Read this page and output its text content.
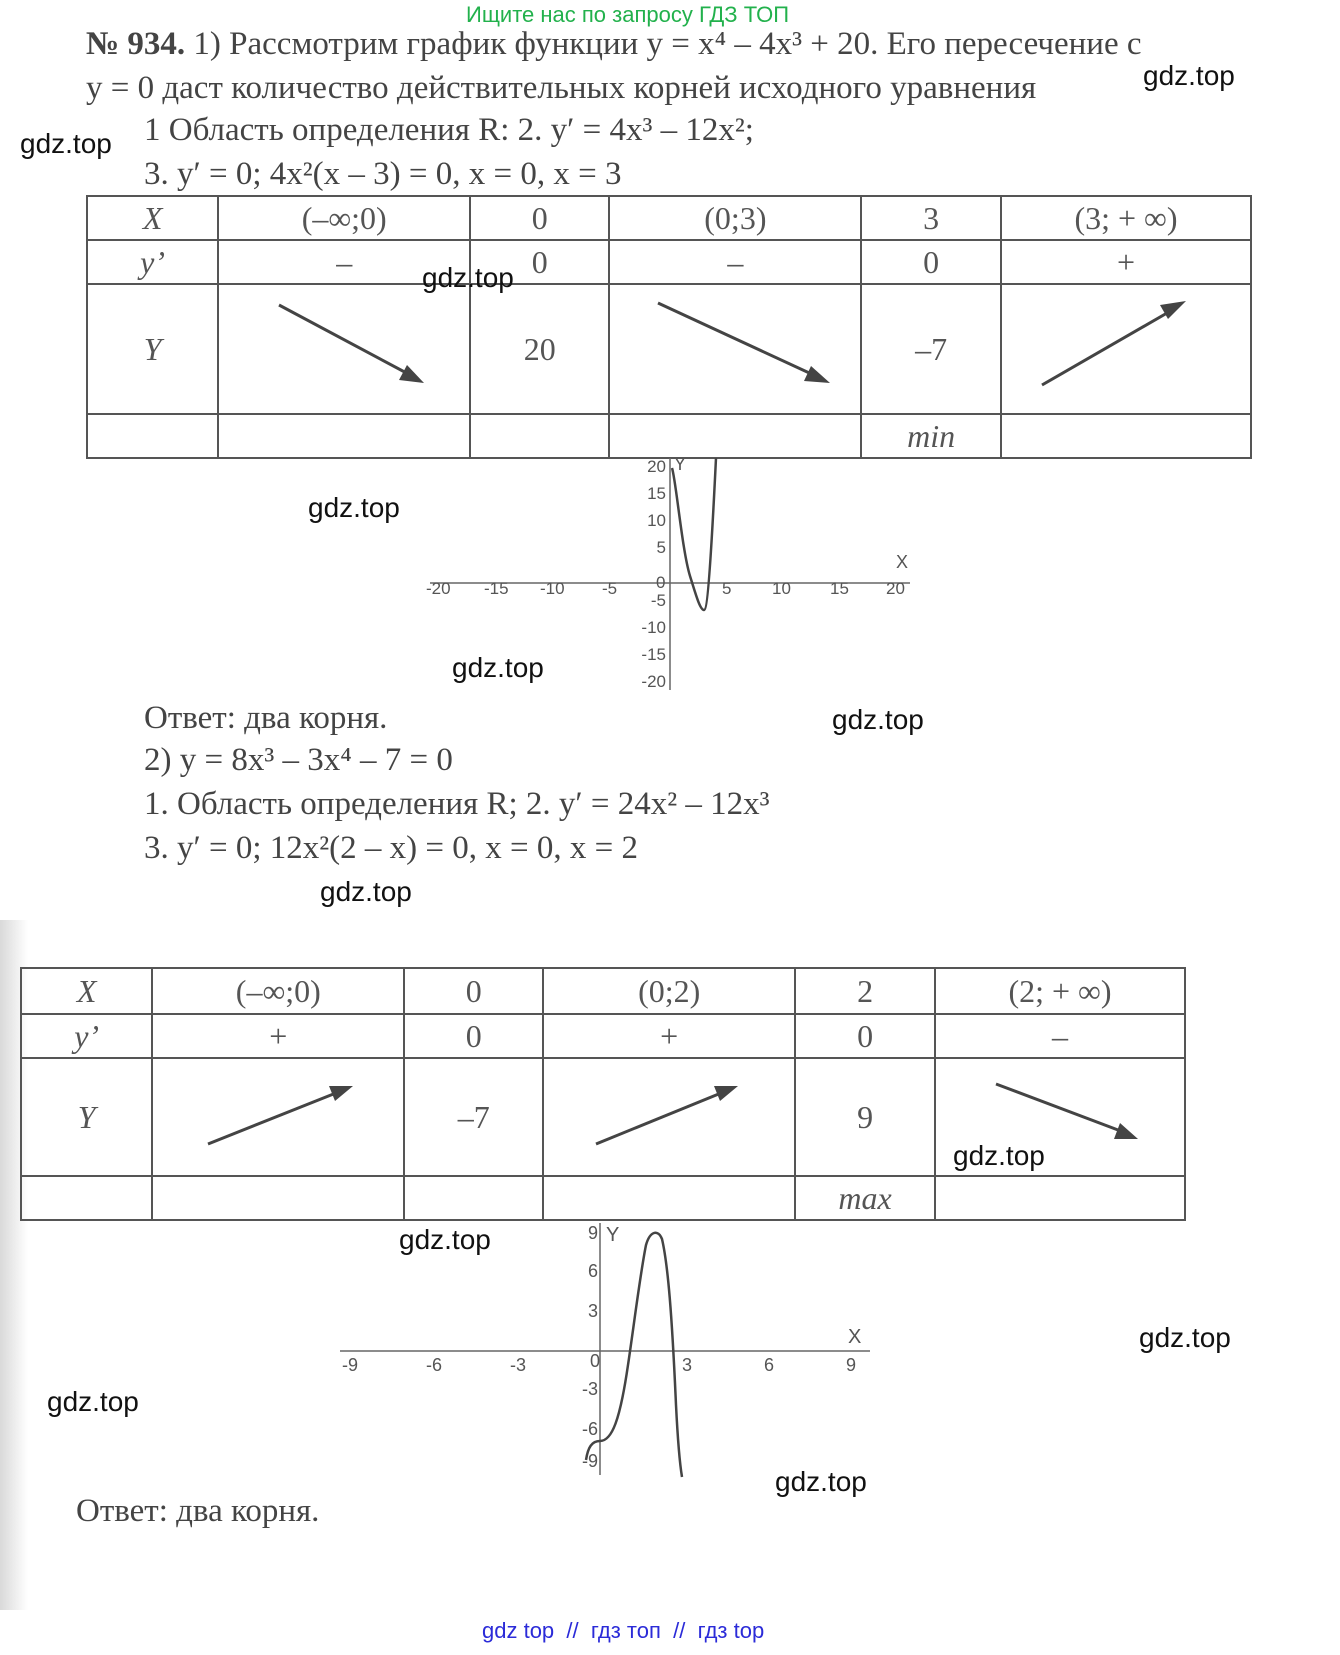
Ищите нас по запросу ГДЗ ТОП
№ 934. 1) Рассмотрим график функции y = x⁴ – 4x³ + 20. Его пересечение с
y = 0 даст количество действительных корней исходного уравнения
1 Область определения R: 2. y′ = 4x³ – 12x²;
3. y′ = 0; 4x²(x – 3) = 0, x = 0, x = 3
X	(–∞;0)	0	(0;3)	3	(3; + ∞)
y’	–	0	–	0	+
Y		20		–7	
				min	
X
Y
-20 -15 -10 -5 0	5 10 15 20
20
15
10
5
-5
-10
-15
-20
Ответ: два корня.
2) y = 8x³ – 3x⁴ – 7 = 0
1. Область определения R; 2. y′ = 24x² – 12x³
3. y′ = 0; 12x²(2 – x) = 0, x = 0, x = 2
X	(–∞;0)	0	(0;2)	2	(2; + ∞)
y’	+	0	+	0	–
Y		–7		9	
				max	
X
Y
-9	-6	-3	0	3	6	9
9
6
3
-3
-6
-9
Ответ: два корня.
gdz.top
gdz.top
gdz.top
gdz.top
gdz.top
gdz.top
gdz.top
gdz.top
gdz.top
gdz.top
gdz.top
gdz.top
gdz top  //  гдз топ  //  гдз top
